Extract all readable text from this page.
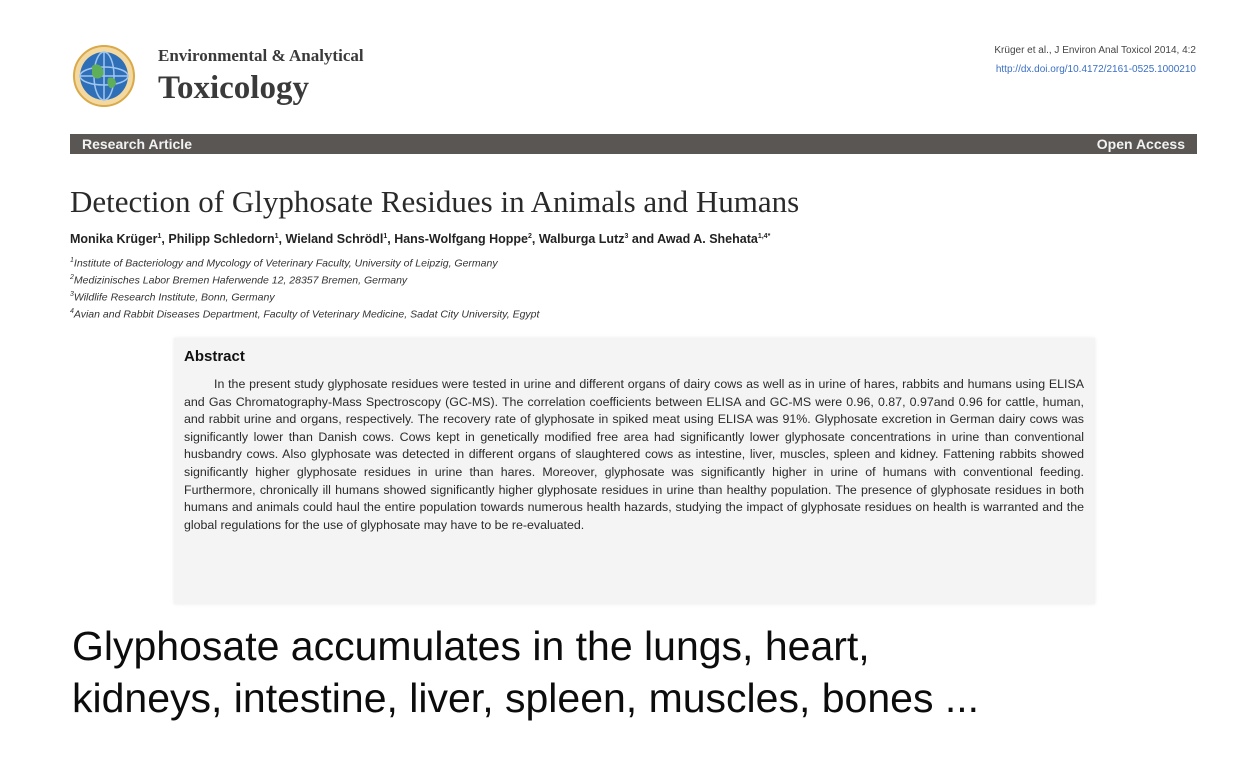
Environmental & Analytical
Toxicology
Krüger et al., J Environ Anal Toxicol 2014, 4:2
http://dx.doi.org/10.4172/2161-0525.1000210
Research Article	Open Access
Detection of Glyphosate Residues in Animals and Humans
Monika Krüger$^1$, Philipp Schledorn$^1$, Wieland Schrödl$^1$, Hans-Wolfgang Hoppe$^2$, Walburga Lutz$^3$ and Awad A. Shehata$^{1,4*}$
$^1$Institute of Bacteriology and Mycology of Veterinary Faculty, University of Leipzig, Germany
$^2$Medizinisches Labor Bremen Haferwende 12, 28357 Bremen, Germany
$^3$Wildlife Research Institute, Bonn, Germany
$^4$Avian and Rabbit Diseases Department, Faculty of Veterinary Medicine, Sadat City University, Egypt
Abstract
In the present study glyphosate residues were tested in urine and different organs of dairy cows as well as in urine of hares, rabbits and humans using ELISA and Gas Chromatography-Mass Spectroscopy (GC-MS). The correlation coefficients between ELISA and GC-MS were 0.96, 0.87, 0.97and 0.96 for cattle, human, and rabbit urine and organs, respectively. The recovery rate of glyphosate in spiked meat using ELISA was 91%. Glyphosate excretion in German dairy cows was significantly lower than Danish cows. Cows kept in genetically modified free area had significantly lower glyphosate concentrations in urine than conventional husbandry cows. Also glyphosate was detected in different organs of slaughtered cows as intestine, liver, muscles, spleen and kidney. Fattening rabbits showed significantly higher glyphosate residues in urine than hares. Moreover, glyphosate was significantly higher in urine of humans with conventional feeding. Furthermore, chronically ill humans showed significantly higher glyphosate residues in urine than healthy population. The presence of glyphosate residues in both humans and animals could haul the entire population towards numerous health hazards, studying the impact of glyphosate residues on health is warranted and the global regulations for the use of glyphosate may have to be re-evaluated.
Glyphosate accumulates in the lungs, heart,
kidneys, intestine, liver, spleen, muscles, bones ...
